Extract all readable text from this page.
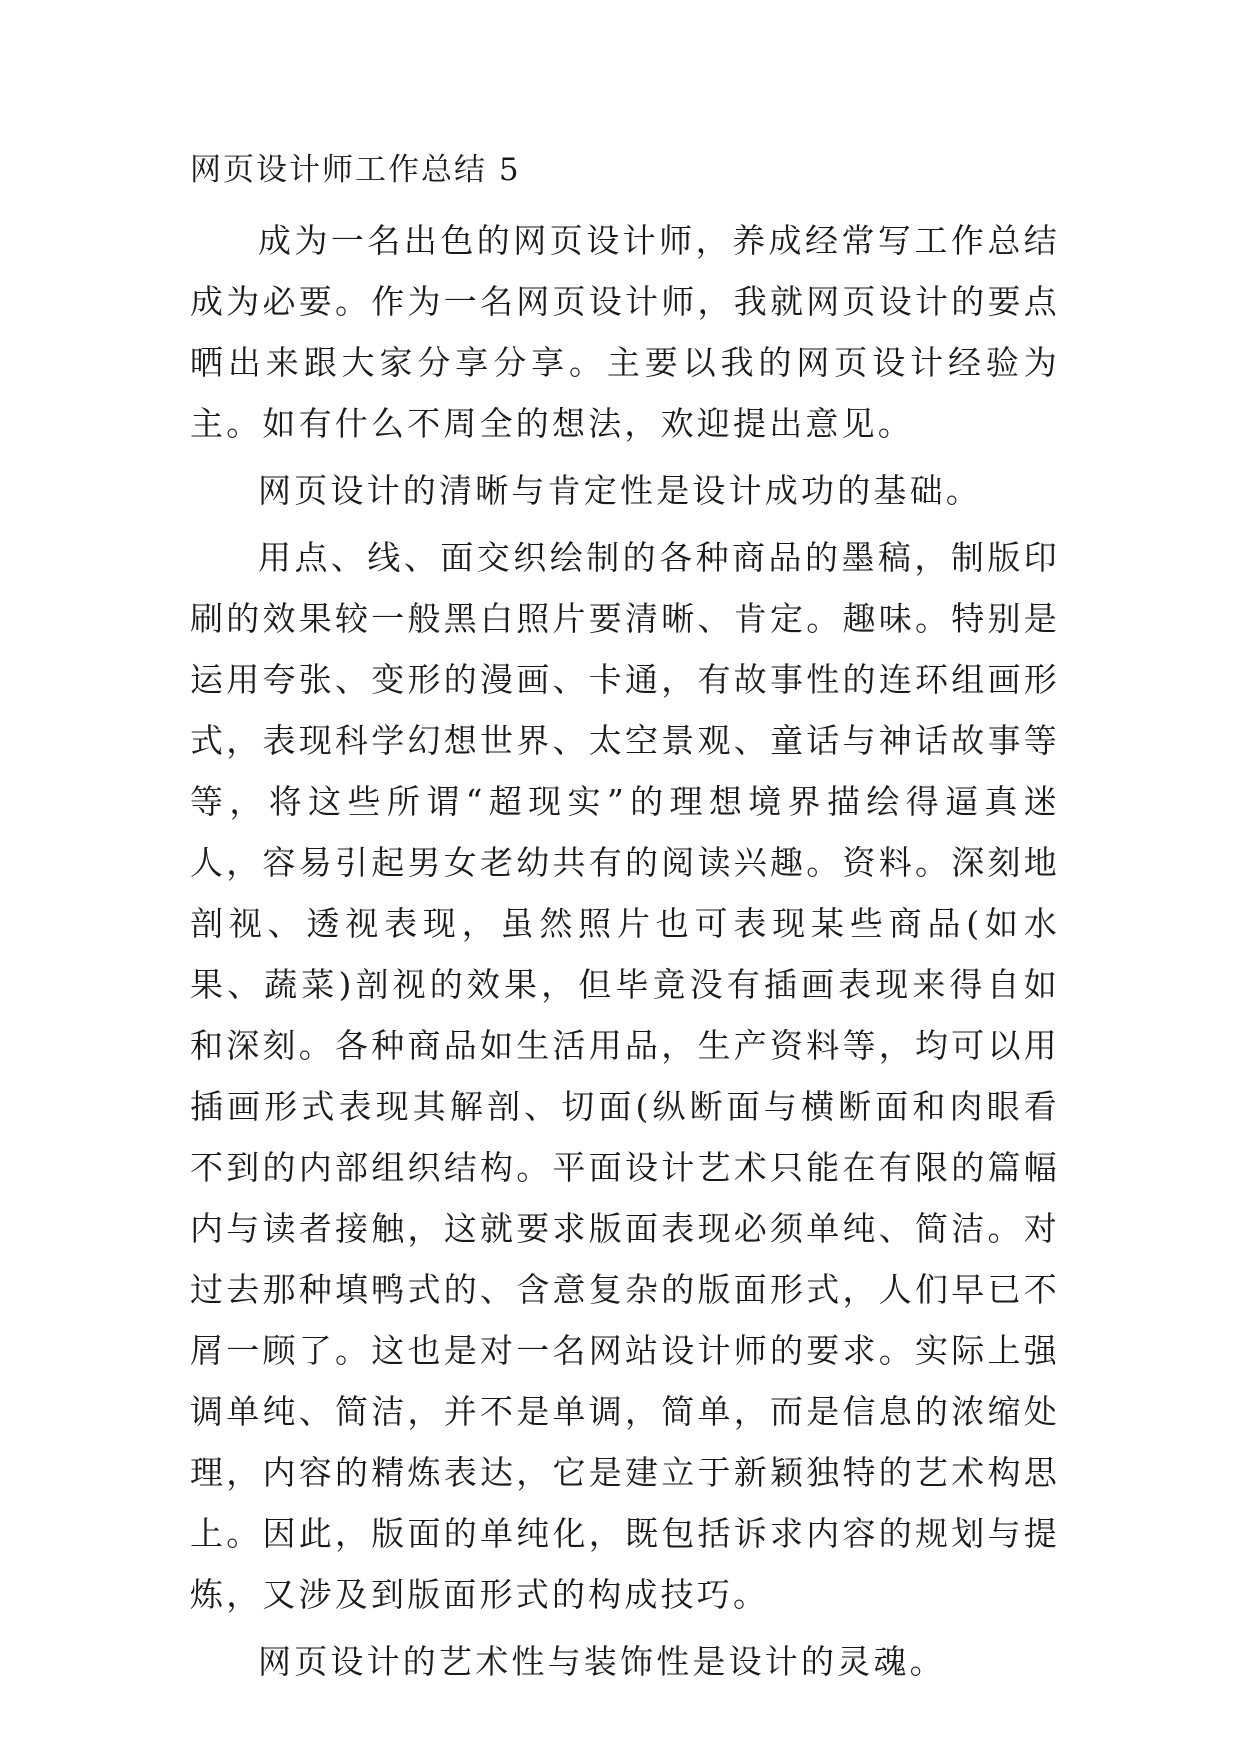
网页设计师工作总结 5

成为一名出色的网页设计师，养成经常写工作总结成为必要。作为一名网页设计师，我就网页设计的要点晒出来跟大家分享分享。主要以我的网页设计经验为主。如有什么不周全的想法，欢迎提出意见。

网页设计的清晰与肯定性是设计成功的基础。

用点、线、面交织绘制的各种商品的墨稿，制版印刷的效果较一般黑白照片要清晰、肯定。趣味。特别是运用夸张、变形的漫画、卡通，有故事性的连环组画形式，表现科学幻想世界、太空景观、童话与神话故事等等，将这些所谓“超现实”的理想境界描绘得逼真迷人，容易引起男女老幼共有的阅读兴趣。资料。深刻地剖视、透视表现，虽然照片也可表现某些商品(如水果、蔬菜)剖视的效果，但毕竟没有插画表现来得自如和深刻。各种商品如生活用品，生产资料等，均可以用插画形式表现其解剖、切面(纵断面与横断面和肉眼看不到的内部组织结构。平面设计艺术只能在有限的篇幅内与读者接触，这就要求版面表现必须单纯、简洁。对过去那种填鸭式的、含意复杂的版面形式，人们早已不屑一顾了。这也是对一名网站设计师的要求。实际上强调单纯、简洁，并不是单调，简单，而是信息的浓缩处理，内容的精炼表达，它是建立于新颖独特的艺术构思上。因此，版面的单纯化，既包括诉求内容的规划与提炼，又涉及到版面形式的构成技巧。

网页设计的艺术性与装饰性是设计的灵魂。
